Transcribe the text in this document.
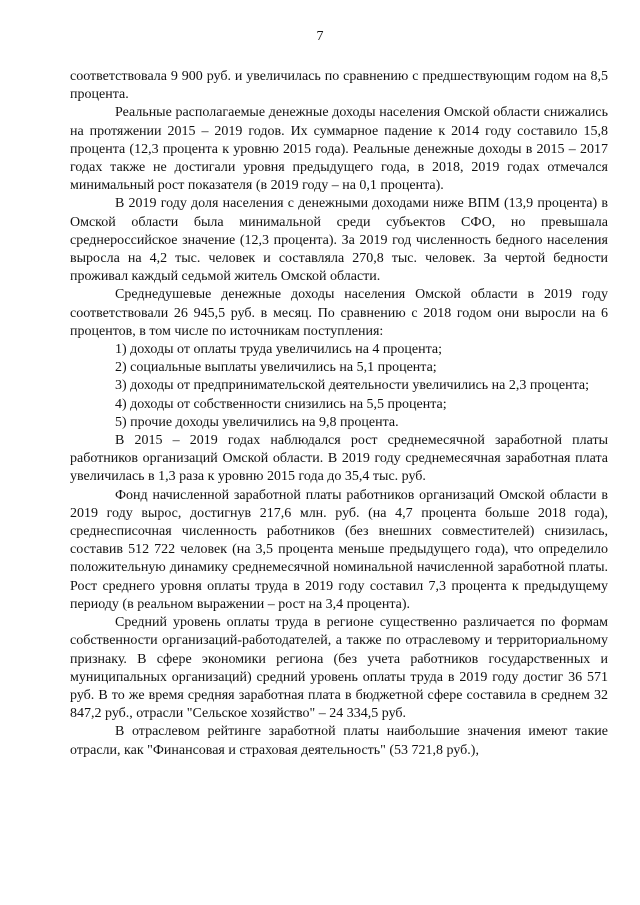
7

соответствовала 9 900 руб. и увеличилась по сравнению с предшествующим годом на 8,5 процента.

Реальные располагаемые денежные доходы населения Омской области снижались на протяжении 2015 – 2019 годов. Их суммарное падение к 2014 году составило 15,8 процента (12,3 процента к уровню 2015 года). Реальные денежные доходы в 2015 – 2017 годах также не достигали уровня предыдущего года, в 2018, 2019 годах отмечался минимальный рост показателя (в 2019 году – на 0,1 процента).

В 2019 году доля населения с денежными доходами ниже ВПМ (13,9 процента) в Омской области была минимальной среди субъектов СФО, но превышала среднероссийское значение (12,3 процента). За 2019 год численность бедного населения выросла на 4,2 тыс. человек и составляла 270,8 тыс. человек. За чертой бедности проживал каждый седьмой житель Омской области.

Среднедушевые денежные доходы населения Омской области в 2019 году соответствовали 26 945,5 руб. в месяц. По сравнению с 2018 годом они выросли на 6 процентов, в том числе по источникам поступления:

1) доходы от оплаты труда увеличились на 4 процента;

2) социальные выплаты увеличились на 5,1 процента;

3) доходы от предпринимательской деятельности увеличились на 2,3 процента;

4) доходы от собственности снизились на 5,5 процента;

5) прочие доходы увеличились на 9,8 процента.

В 2015 – 2019 годах наблюдался рост среднемесячной заработной платы работников организаций Омской области. В 2019 году среднемесячная заработная плата увеличилась в 1,3 раза к уровню 2015 года до 35,4 тыс. руб.

Фонд начисленной заработной платы работников организаций Омской области в 2019 году вырос, достигнув 217,6 млн. руб. (на 4,7 процента больше 2018 года), среднесписочная численность работников (без внешних совместителей) снизилась, составив 512 722 человек (на 3,5 процента меньше предыдущего года), что определило положительную динамику среднемесячной номинальной начисленной заработной платы. Рост среднего уровня оплаты труда в 2019 году составил 7,3 процента к предыдущему периоду (в реальном выражении – рост на 3,4 процента).

Средний уровень оплаты труда в регионе существенно различается по формам собственности организаций-работодателей, а также по отраслевому и территориальному признаку. В сфере экономики региона (без учета работников государственных и муниципальных организаций) средний уровень оплаты труда в 2019 году достиг 36 571 руб. В то же время средняя заработная плата в бюджетной сфере составила в среднем 32 847,2 руб., отрасли "Сельское хозяйство" – 24 334,5 руб.

В отраслевом рейтинге заработной платы наибольшие значения имеют такие отрасли, как "Финансовая и страховая деятельность" (53 721,8 руб.),
